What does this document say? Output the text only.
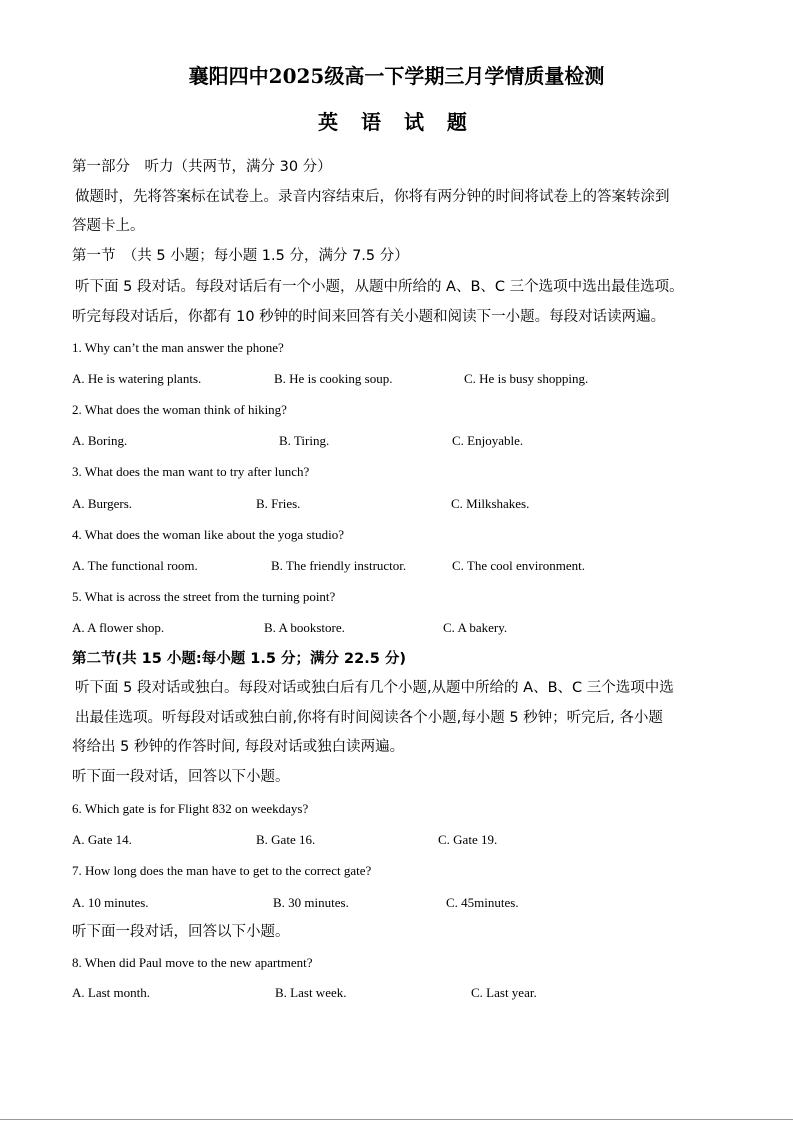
襄阳四中2025级高一下学期三月学情质量检测
英 语 试 题
第一部分　听力（共两节，满分 30 分）
做题时，先将答案标在试卷上。录音内容结束后，你将有两分钟的时间将试卷上的答案转涂到
答题卡上。
第一节　（共 5 小题；每小题 1.5 分，满分 7.5 分）
听下面 5 段对话。每段对话后有一个小题，从题中所给的 A、B、C 三个选项中选出最佳选项。
听完每段对话后，你都有 10 秒钟的时间来回答有关小题和阅读下一小题。每段对话读两遍。
1. Why can’t the man answer the phone?
A. He is watering plants.	B. He is cooking soup.	C. He is busy shopping.
2. What does the woman think of hiking?
A. Boring.	B. Tiring.	C. Enjoyable.
3. What does the man want to try after lunch?
A. Burgers.	B. Fries.	C. Milkshakes.
4. What does the woman like about the yoga studio?
A. The functional room.	B. The friendly instructor.	C. The cool environment.
5. What is across the street from the turning point?
A. A flower shop.	B. A bookstore.	C. A bakery.
第二节(共 15 小题:每小题 1.5 分；满分 22.5 分)
听下面 5 段对话或独白。每段对话或独白后有几个小题,从题中所给的 A、B、C 三个选项中选
出最佳选项。听每段对话或独白前,你将有时间阅读各个小题,每小题 5 秒钟；听完后, 各小题
将给出 5 秒钟的作答时间, 每段对话或独白读两遍。
听下面一段对话，回答以下小题。
6. Which gate is for Flight 832 on weekdays?
A. Gate 14.	B. Gate 16.	C. Gate 19.
7. How long does the man have to get to the correct gate?
A. 10 minutes.	B. 30 minutes.	C. 45minutes.
听下面一段对话，回答以下小题。
8. When did Paul move to the new apartment?
A. Last month.	B. Last week.	C. Last year.
